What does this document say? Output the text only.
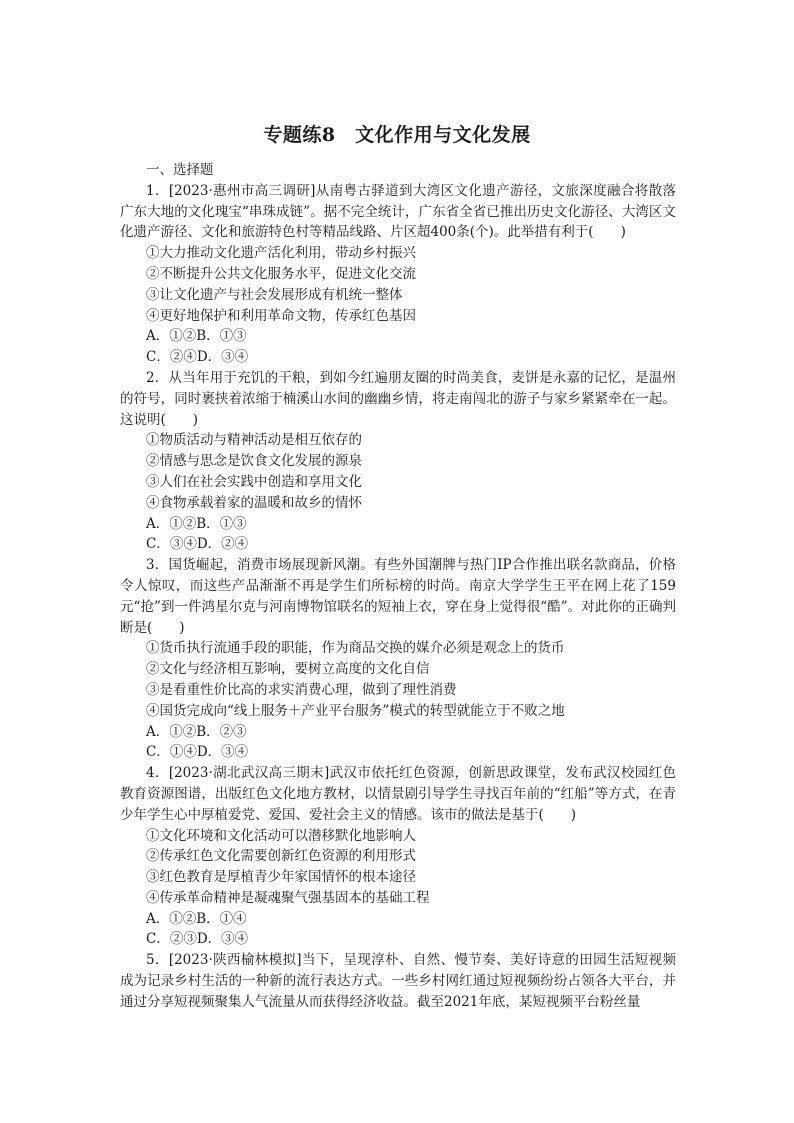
专题练8　文化作用与文化发展

一、选择题

1．[2023·惠州市高三调研]从南粤古驿道到大湾区文化遗产游径，文旅深度融合将散落广东大地的文化瑰宝“串珠成链”。据不完全统计，广东省全省已推出历史文化游径、大湾区文化遗产游径、文化和旅游特色村等精品线路、片区超400条(个)。此举措有利于(　　)

①大力推动文化遗产活化利用，带动乡村振兴

②不断提升公共文化服务水平，促进文化交流

③让文化遗产与社会发展形成有机统一整体

④更好地保护和利用革命文物，传承红色基因

A．①②B．①③

C．②④D．③④

2．从当年用于充饥的干粮，到如今红遍朋友圈的时尚美食，麦饼是永嘉的记忆，是温州的符号，同时裹挟着浓缩于楠溪山水间的幽幽乡情，将走南闯北的游子与家乡紧紧牵在一起。这说明(　　)

①物质活动与精神活动是相互依存的

②情感与思念是饮食文化发展的源泉

③人们在社会实践中创造和享用文化

④食物承载着家的温暖和故乡的情怀

A．①②B．①③

C．③④D．②④

3．国货崛起，消费市场展现新风潮。有些外国潮牌与热门IP合作推出联名款商品，价格令人惊叹，而这些产品渐渐不再是学生们所标榜的时尚。南京大学学生王平在网上花了159元“抢”到一件鸿星尔克与河南博物馆联名的短袖上衣，穿在身上觉得很“酷”。对此你的正确判断是(　　)

①货币执行流通手段的职能，作为商品交换的媒介必须是观念上的货币

②文化与经济相互影响，要树立高度的文化自信

③是看重性价比高的求实消费心理，做到了理性消费

④国货完成向“线上服务＋产业平台服务”模式的转型就能立于不败之地

A．①②B．②③

C．①④D．③④

4．[2023·湖北武汉高三期末]武汉市依托红色资源，创新思政课堂，发布武汉校园红色教育资源图谱，出版红色文化地方教材，以情景剧引导学生寻找百年前的“红船”等方式，在青少年学生心中厚植爱党、爱国、爱社会主义的情感。该市的做法是基于(　　)

①文化环境和文化活动可以潜移默化地影响人

②传承红色文化需要创新红色资源的利用形式

③红色教育是厚植青少年家国情怀的根本途径

④传承革命精神是凝魂聚气强基固本的基础工程

A．①②B．①④

C．②③D．③④

5．[2023·陕西榆林模拟]当下，呈现淳朴、自然、慢节奏、美好诗意的田园生活短视频成为记录乡村生活的一种新的流行表达方式。一些乡村网红通过短视频纷纷占领各大平台，并通过分享短视频聚集人气流量从而获得经济收益。截至2021年底，某短视频平台粉丝量
